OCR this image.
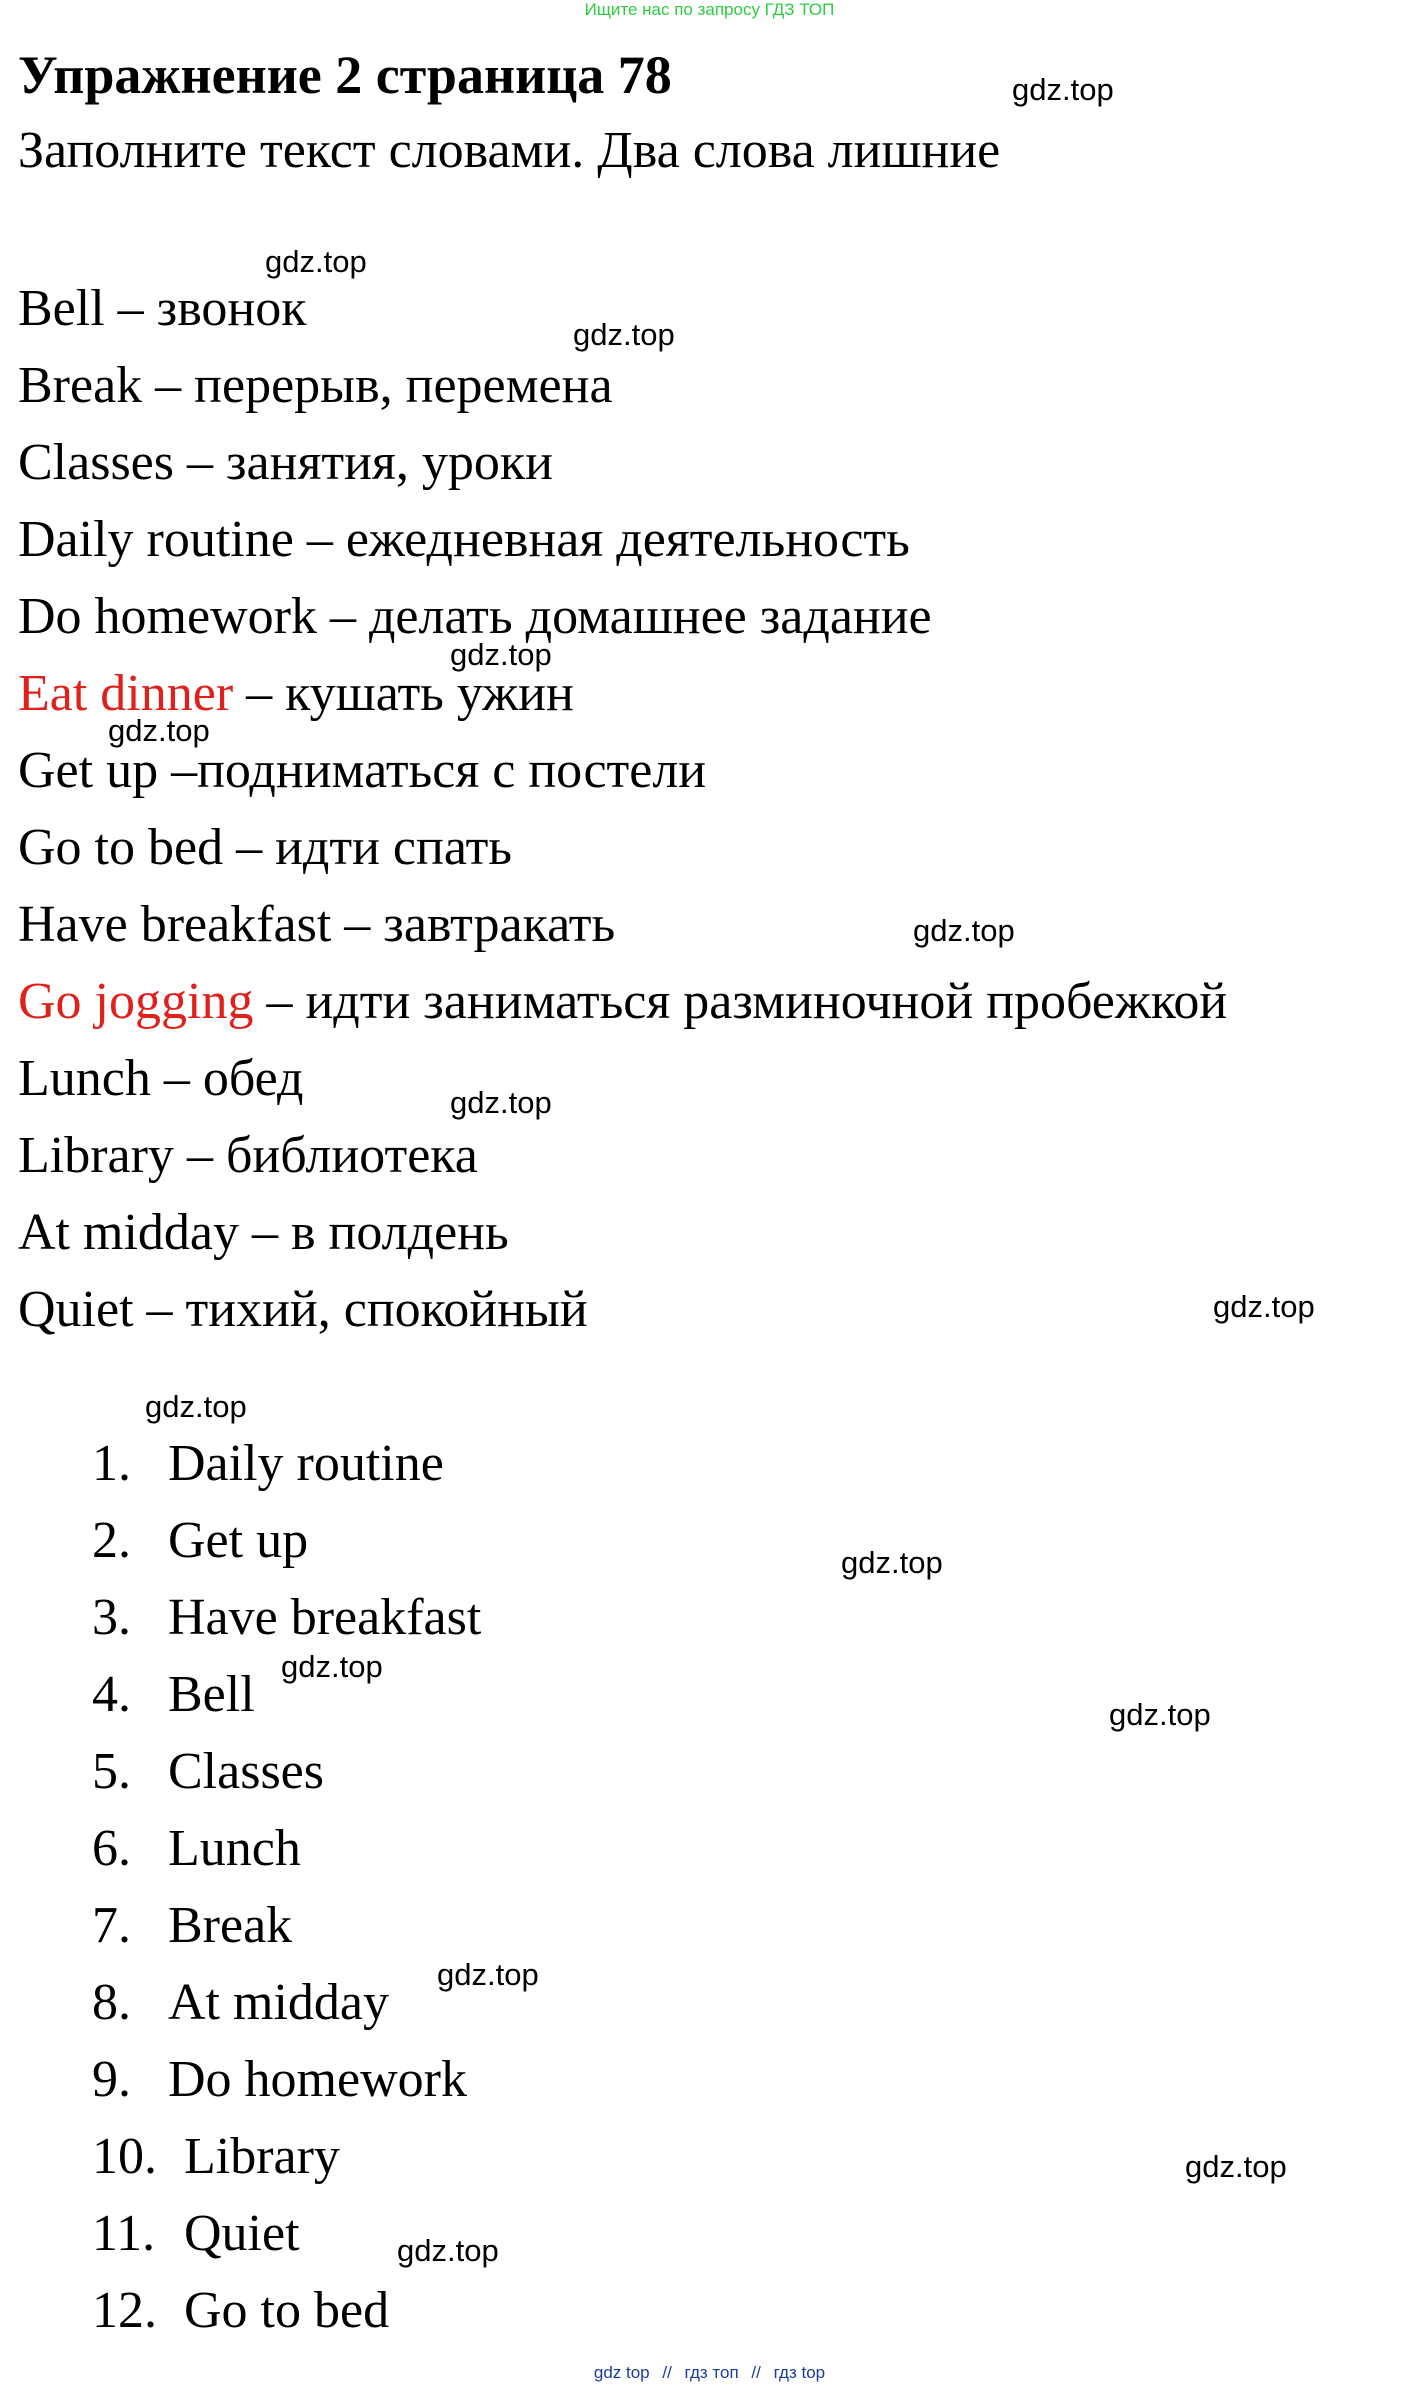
Ищите нас по запросу ГДЗ ТОП
Упражнение 2 страница 78

Заполните текст словами. Два слова лишние

Bell – звонок
Break – перерыв, перемена
Classes – занятия, уроки
Daily routine – ежедневная деятельность
Do homework – делать домашнее задание
Eat dinner – кушать ужин
Get up –подниматься с постели
Go to bed – идти спать
Have breakfast – завтракать
Go jogging – идти заниматься разминочной пробежкой
Lunch – обед
Library – библиотека
At midday – в полдень
Quiet – тихий, спокойный
1. Daily routine
2. Get up
3. Have breakfast
4. Bell
5. Classes
6. Lunch
7. Break
8. At midday
9. Do homework
10. Library
11. Quiet
12. Go to bed
gdz.top
gdz.top
gdz.top
gdz.top
gdz.top
gdz.top
gdz.top
gdz.top
gdz.top
gdz.top
gdz.top
gdz.top
gdz.top
gdz.top
gdz.top
gdz top // гдз топ // гдз top
